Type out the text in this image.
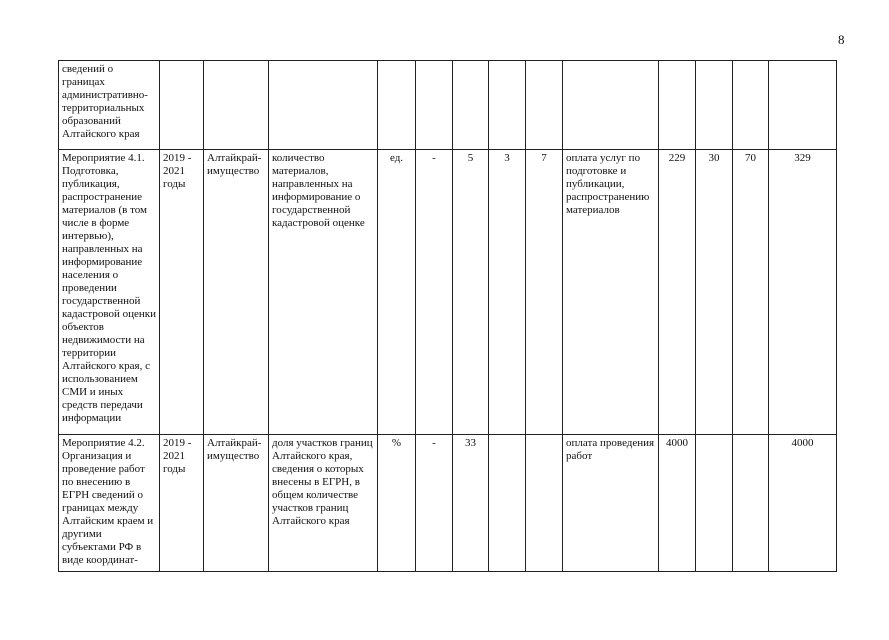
8
сведений о границах административно-территориальных образований Алтайского края													
Мероприятие 4.1. Подготовка, публикация, распространение материалов (в том числе в форме интервью), направленных на информирование населения о проведении государственной кадастровой оценки объектов недвижимости на территории Алтайского края, с использованием СМИ и иных средств передачи информации	2019 - 2021 годы	Алтайкрай-имущество	количество материалов, направленных на информирование о государственной кадастровой оценке	ед.	-	5	3	7	оплата услуг по подготовке и публикации, распространению материалов	229	30	70	329
Мероприятие 4.2. Организация и проведение работ по внесению в ЕГРН сведений о границах между Алтайским краем и другими субъектами РФ в виде координат-	2019 - 2021 годы	Алтайкрай-имущество	доля участков границ Алтайского края, сведения о которых внесены в ЕГРН, в общем количестве участков границ Алтайского края	%	-	33			оплата проведения работ	4000			4000
